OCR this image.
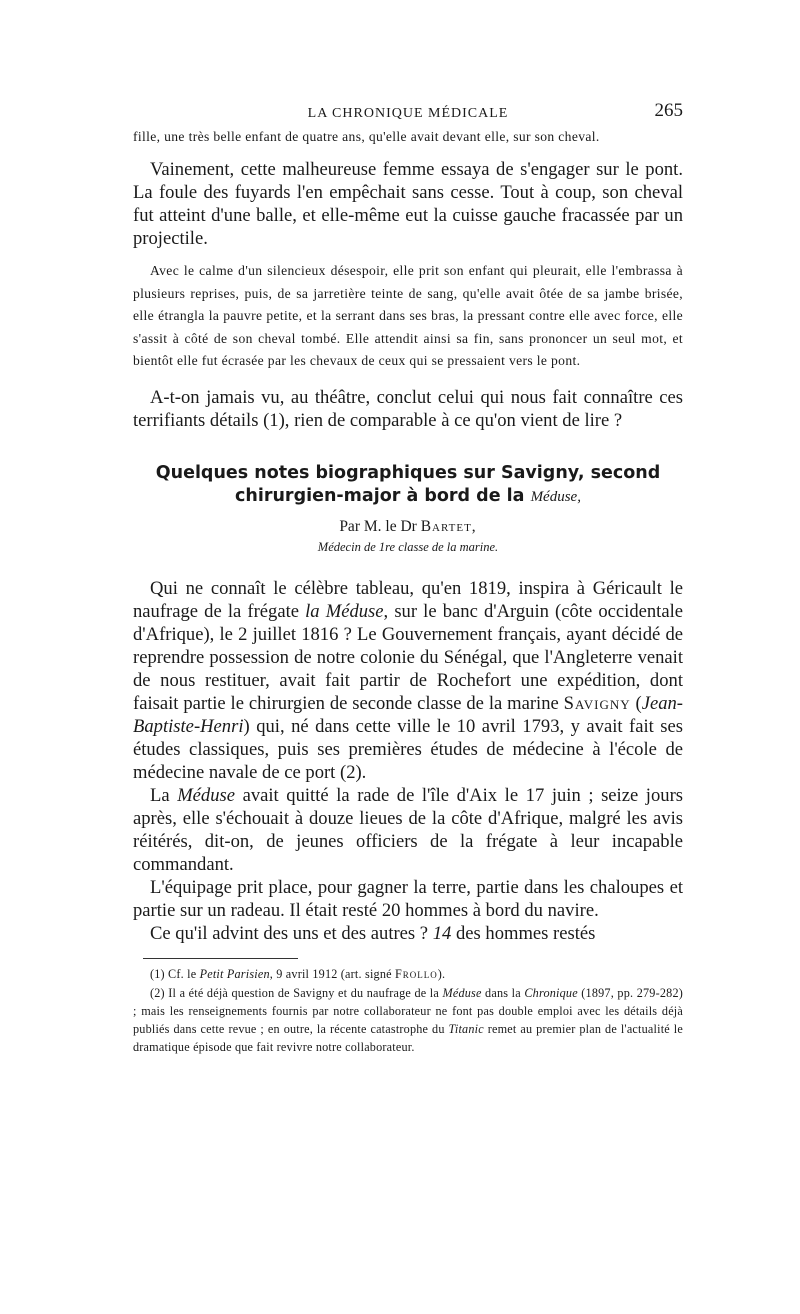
LA CHRONIQUE MÉDICALE	265

fille, une très belle enfant de quatre ans, qu'elle avait devant elle, sur son cheval.

Vainement, cette malheureuse femme essaya de s'engager sur le pont. La foule des fuyards l'en empêchait sans cesse. Tout à coup, son cheval fut atteint d'une balle, et elle-même eut la cuisse gauche fracassée par un projectile.

Avec le calme d'un silencieux désespoir, elle prit son enfant qui pleurait, elle l'embrassa à plusieurs reprises, puis, de sa jarretière teinte de sang, qu'elle avait ôtée de sa jambe brisée, elle étrangla la pauvre petite, et la serrant dans ses bras, la pressant contre elle avec force, elle s'assit à côté de son cheval tombé. Elle attendit ainsi sa fin, sans prononcer un seul mot, et bientôt elle fut écrasée par les chevaux de ceux qui se pressaient vers le pont.

A-t-on jamais vu, au théâtre, conclut celui qui nous fait connaître ces terrifiants détails (1), rien de comparable à ce qu'on vient de lire ?

Quelques notes biographiques sur Savigny, second
chirurgien-major à bord de la Méduse,
Par M. le Dr Bartet,
Médecin de 1re classe de la marine.

Qui ne connaît le célèbre tableau, qu'en 1819, inspira à Géricault le naufrage de la frégate la Méduse, sur le banc d'Arguin (côte occidentale d'Afrique), le 2 juillet 1816 ? Le Gouvernement français, ayant décidé de reprendre possession de notre colonie du Sénégal, que l'Angleterre venait de nous restituer, avait fait partir de Rochefort une expédition, dont faisait partie le chirurgien de seconde classe de la marine Savigny (Jean-Baptiste-Henri) qui, né dans cette ville le 10 avril 1793, y avait fait ses études classiques, puis ses premières études de médecine à l'école de médecine navale de ce port (2).

La Méduse avait quitté la rade de l'île d'Aix le 17 juin ; seize jours après, elle s'échouait à douze lieues de la côte d'Afrique, malgré les avis réitérés, dit-on, de jeunes officiers de la frégate à leur incapable commandant.

L'équipage prit place, pour gagner la terre, partie dans les chaloupes et partie sur un radeau. Il était resté 20 hommes à bord du navire.

Ce qu'il advint des uns et des autres ? 14 des hommes restés

(1) Cf. le Petit Parisien, 9 avril 1912 (art. signé Frollo).

(2) Il a été déjà question de Savigny et du naufrage de la Méduse dans la Chronique (1897, pp. 279-282) ; mais les renseignements fournis par notre collaborateur ne font pas double emploi avec les détails déjà publiés dans cette revue ; en outre, la récente catastrophe du Titanic remet au premier plan de l'actualité le dramatique épisode que fait revivre notre collaborateur.
